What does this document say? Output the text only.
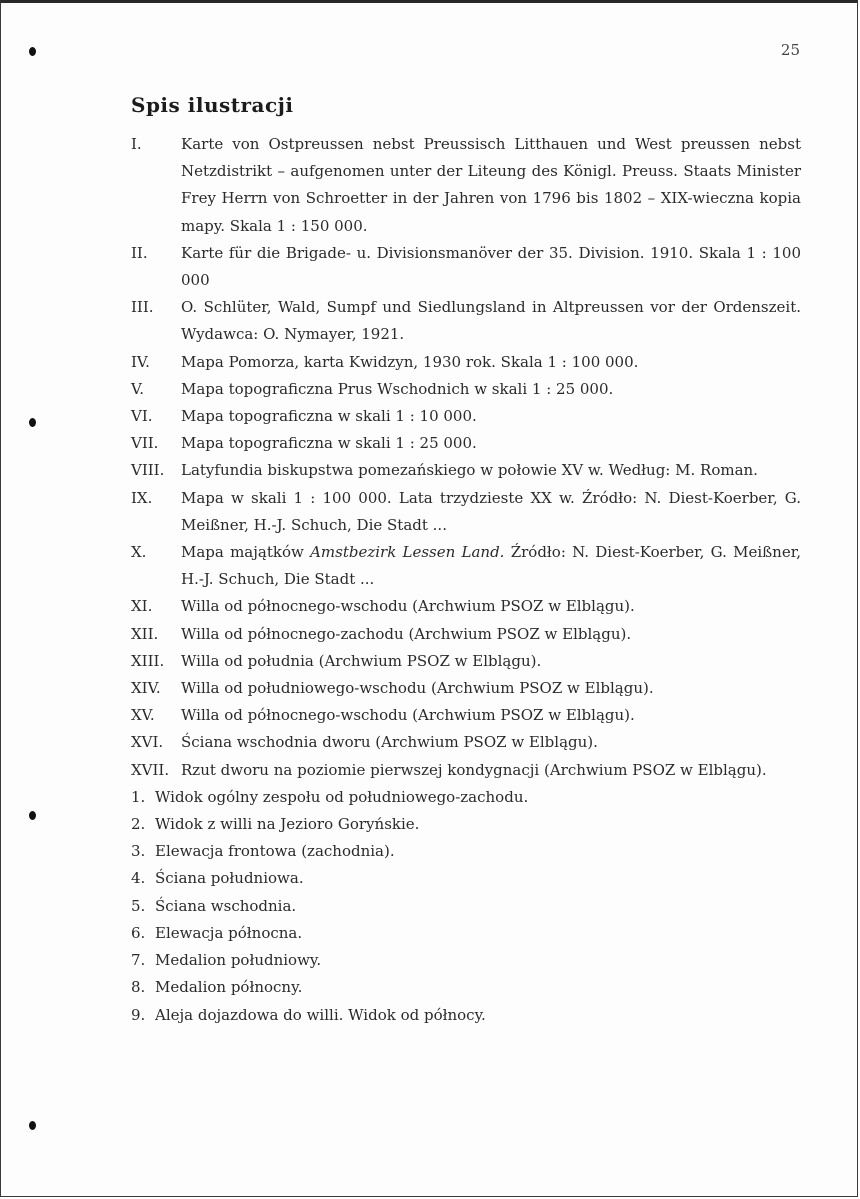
25
Spis ilustracji
I.	Karte von Ostpreussen nebst Preussisch Litthauen und West preussen nebst Netzdistrikt – aufgenomen unter der Liteung des Königl. Preuss. Staats Minister Frey Herrn von Schroetter in der Jahren von 1796 bis 1802 – XIX-wieczna kopia mapy. Skala 1 : 150 000.
II.	Karte für die Brigade- u. Divisionsmanöver der 35. Division. 1910. Skala 1 : 100 000
III.	O. Schlüter, Wald, Sumpf und Siedlungsland in Altpreussen vor der Ordenszeit. Wydawca: O. Nymayer, 1921.
IV.	Mapa Pomorza, karta Kwidzyn, 1930 rok. Skala 1 : 100 000.
V.	Mapa topograficzna Prus Wschodnich w skali 1 : 25 000.
VI.	Mapa topograficzna w skali 1 : 10 000.
VII.	Mapa topograficzna w skali 1 : 25 000.
VIII.	Latyfundia biskupstwa pomezańskiego w połowie XV w. Według: M. Roman.
IX.	Mapa w skali 1 : 100 000. Lata trzydzieste XX w. Źródło: N. Diest-Koerber, G. Meißner, H.-J. Schuch, Die Stadt ...
X.	Mapa majątków Amstbezirk Lessen Land. Źródło: N. Diest-Koerber, G. Meißner, H.-J. Schuch, Die Stadt ...
XI.	Willa od północnego-wschodu (Archwium PSOZ w Elblągu).
XII.	Willa od północnego-zachodu (Archwium PSOZ w Elblągu).
XIII.	Willa od południa (Archwium PSOZ w Elblągu).
XIV.	Willa od południowego-wschodu (Archwium PSOZ w Elblągu).
XV.	Willa od północnego-wschodu (Archwium PSOZ w Elblągu).
XVI.	Ściana wschodnia dworu (Archwium PSOZ w Elblągu).
XVII. Rzut dworu na poziomie pierwszej kondygnacji (Archwium PSOZ w Elblągu).
1. Widok ogólny zespołu od południowego-zachodu.
2. Widok z willi na Jezioro Goryńskie.
3. Elewacja frontowa (zachodnia).
4. Ściana południowa.
5. Ściana wschodnia.
6. Elewacja północna.
7. Medalion południowy.
8. Medalion północny.
9. Aleja dojazdowa do willi. Widok od północy.
